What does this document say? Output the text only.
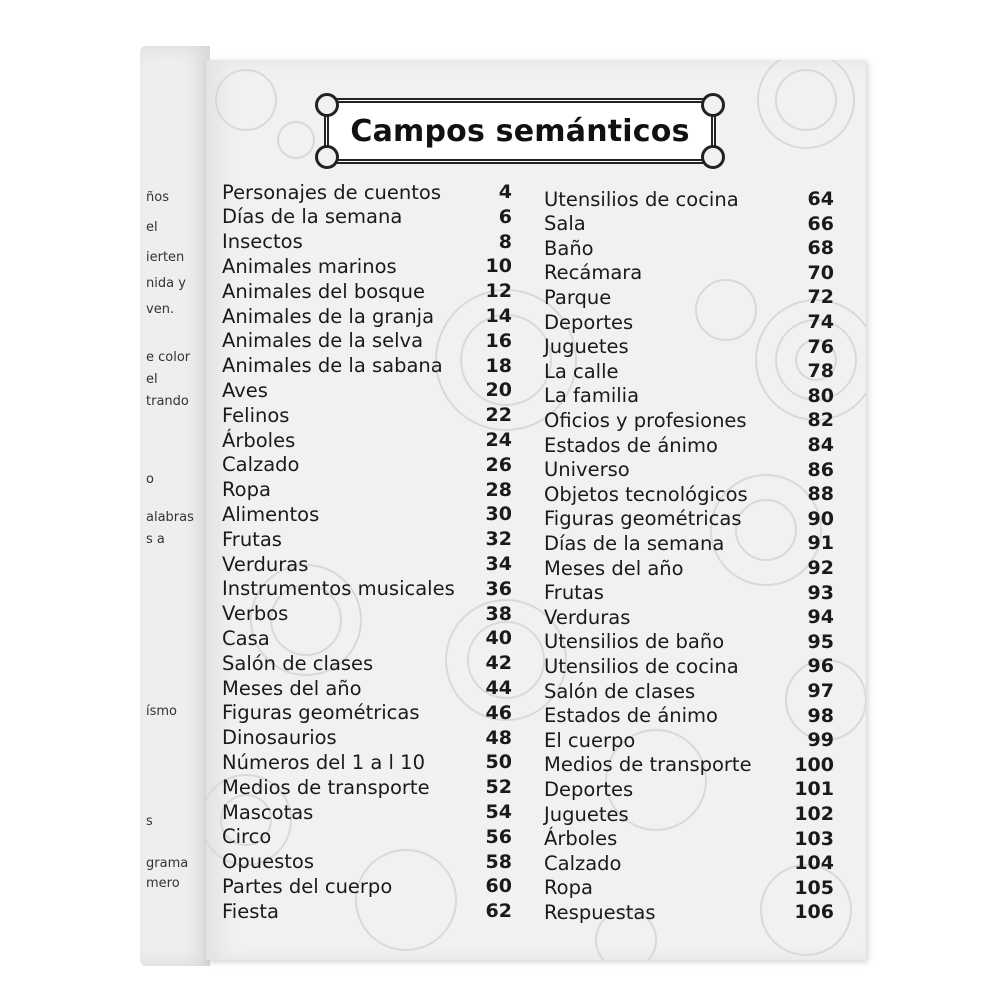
ños
el
ierten
nida y
ven.
e color
el
trando
o
alabras
s a
ísmo
s
grama
mero
Campos semánticos
Personajes de cuentos	4
Días de la semana	6
Insectos	8
Animales marinos	10
Animales del bosque	12
Animales de la granja	14
Animales de la selva	16
Animales de la sabana 18
Aves	20
Felinos	22
Árboles	24
Calzado	26
Ropa	28
Alimentos	30
Frutas	32
Verduras	34
Instrumentos musicales 36
Verbos	38
Casa	40
Salón de clases	42
Meses del año	44
Figuras geométricas	46
Dinosaurios	48
Números del 1 a l 10	50
Medios de transporte	52
Mascotas	54
Circo	56
Opuestos	58
Partes del cuerpo	60
Fiesta	62
Utensilios de cocina	64
Sala	66
Baño	68
Recámara	70
Parque	72
Deportes	74
Juguetes	76
La calle	78
La familia	80
Oficios y profesiones	82
Estados de ánimo	84
Universo	86
Objetos tecnológicos	88
Figuras geométricas	90
Días de la semana	91
Meses del año	92
Frutas	93
Verduras	94
Utensilios de baño	95
Utensilios de cocina	96
Salón de clases	97
Estados de ánimo	98
El cuerpo	99
Medios de transporte 100
Deportes	101
Juguetes	102
Árboles	103
Calzado	104
Ropa	105
Respuestas	106
